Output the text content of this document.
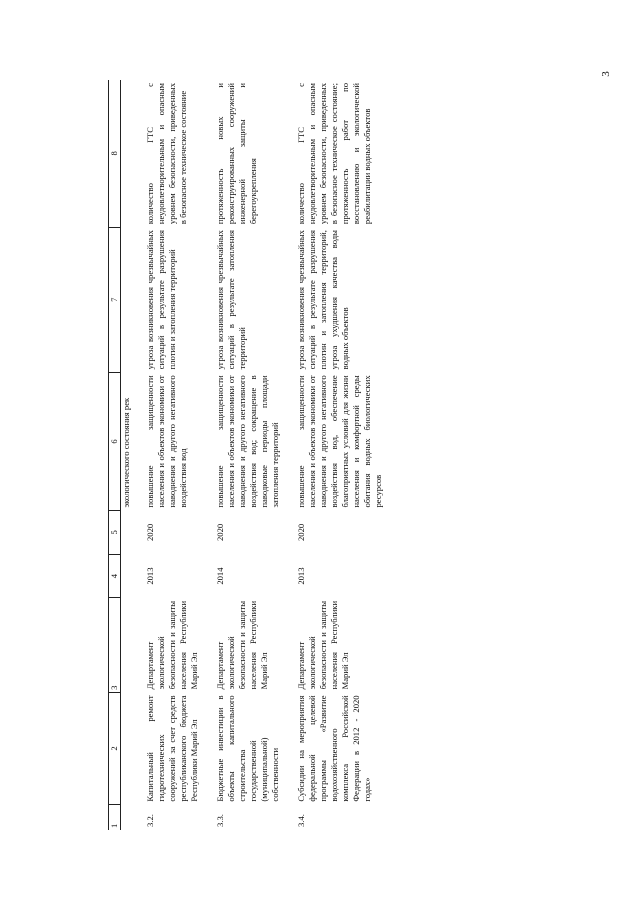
3
1	2	3	4	5	6	7	8
					экологического состояния рек		
3.2.	Капитальный ремонт гидротехнических сооружений за счет средств республиканского бюджета Республики Марий Эл	Департамент экологической безопасности и защиты населения Республики Марий Эл	2013	2020	повышение защищенности населения и объектов экономики от наводнения и другого негативного воздействия вод	угроза возникновения чрезвычайных ситуаций в результате разрушения плотин и затопления территорий	количество ГТС с неудовлетворительным и опасным уровнем безопасности, приведенных в безопасное техническое состояние
3.3.	Бюджетные инвестиции в объекты капитального строительства государственной (муниципальной) собственности	Департамент экологической безопасности и защиты населения Республики Марий Эл	2014	2020	повышение защищенности населения и объектов экономики от наводнения и другого негативного воздействия вод; сокращение в паводковые периоды площади затопления территорий	угроза возникновения чрезвычайных ситуаций в результате затопления территорий	протяженность новых и реконструированных сооружений инженерной защиты и берегоукрепления
3.4.	Субсидии на мероприятия федеральной целевой программы «Развитие водохозяйственного комплекса Российской Федерации в 2012 - 2020 годах»	Департамент экологической безопасности и защиты населения Республики Марий Эл	2013	2020	повышение защищенности населения и объектов экономики от наводнения и другого негативного воздействия вод, обеспечение благоприятных условий для жизни населения и комфортной среды обитания водных биологических ресурсов	угроза возникновения чрезвычайных ситуаций в результате разрушения плотин и затопления территорий, угроза ухудшения качества воды водных объектов	количество ГТС с неудовлетворительным и опасным уровнем безопасности, приведенных в безопасное техническое состояние; протяженность работ по восстановлению и экологической реабилитации водных объектов
